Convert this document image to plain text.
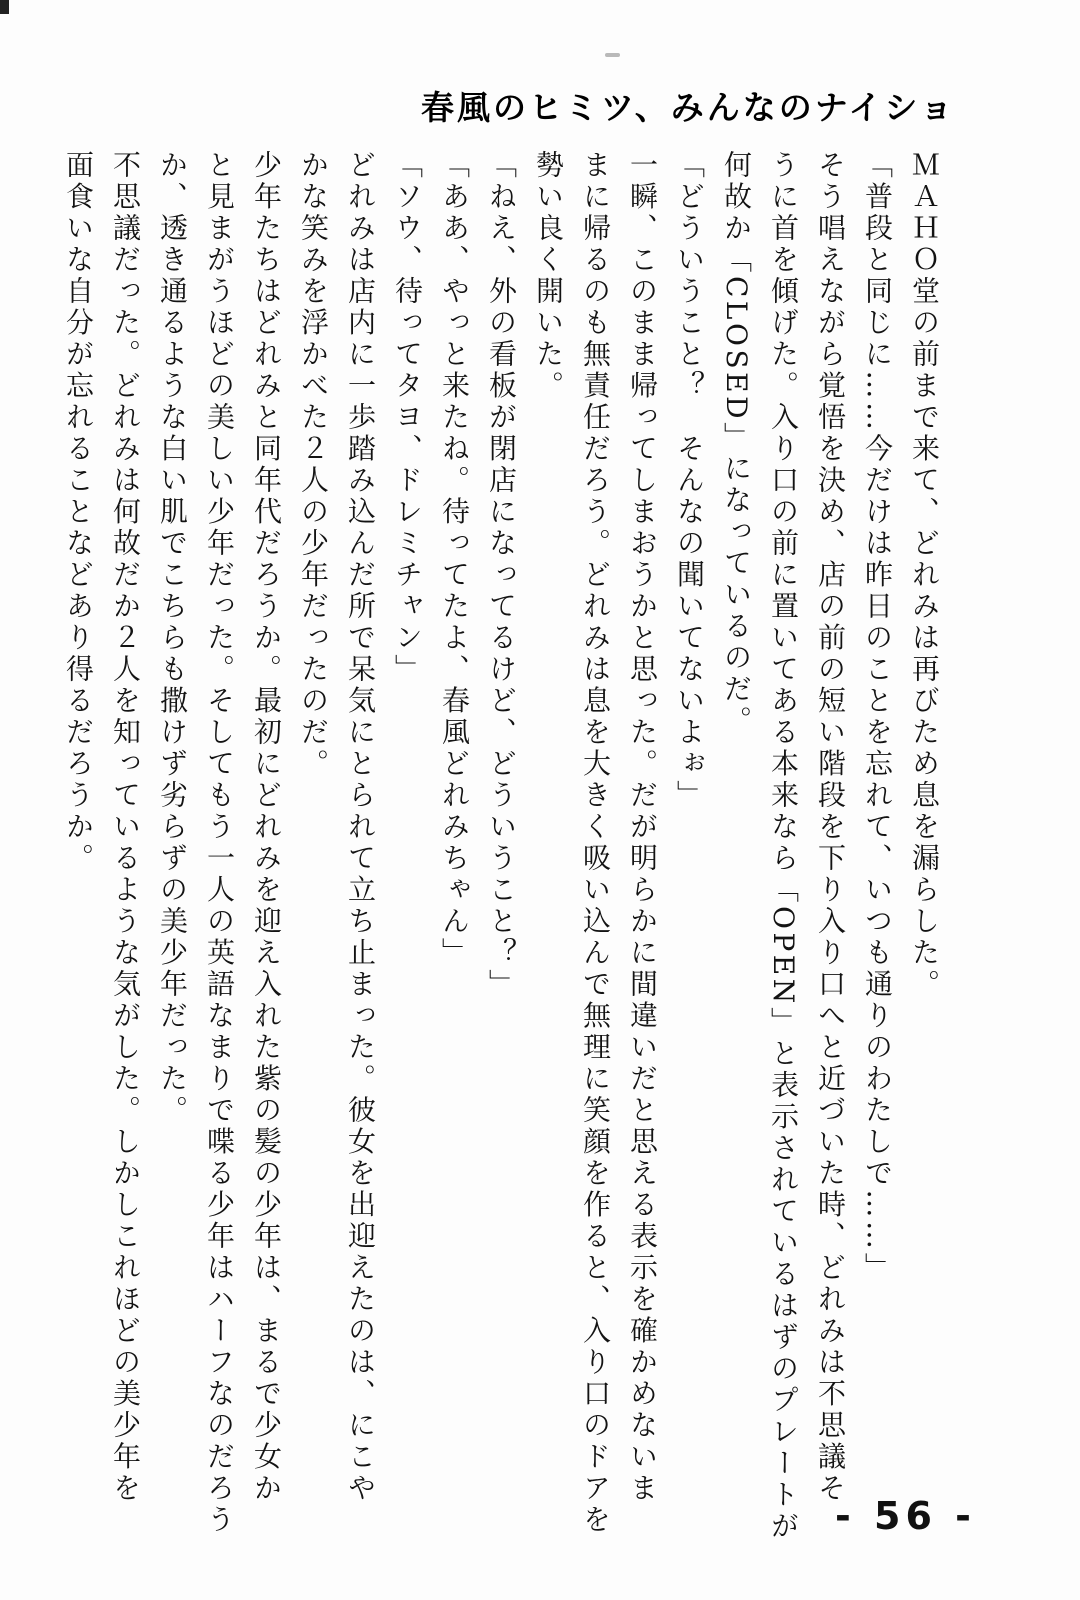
春風のヒミツ、みんなのナイショ
ＭＡＨＯ堂の前まで来て、どれみは再びため息を漏らした。
「普段と同じに……今だけは昨日のことを忘れて、いつも通りのわたしで……」
そう唱えながら覚悟を決め、店の前の短い階段を下り入り口へと近づいた時、どれみは不思議そ
うに首を傾げた。入り口の前に置いてある本来なら「OPEN」と表示されているはずのプレートが
何故か「CLOSED」になっているのだ。
「どういうこと？　そんなの聞いてないよぉ」
一瞬、このまま帰ってしまおうかと思った。だが明らかに間違いだと思える表示を確かめないま
まに帰るのも無責任だろう。どれみは息を大きく吸い込んで無理に笑顔を作ると、入り口のドアを
勢い良く開いた。
「ねえ、外の看板が閉店になってるけど、どういうこと？」
「ああ、やっと来たね。待ってたよ、春風どれみちゃん」
「ソウ、待ってタヨ、ドレミチャン」
どれみは店内に一歩踏み込んだ所で呆気にとられて立ち止まった。彼女を出迎えたのは、にこや
かな笑みを浮かべた２人の少年だったのだ。
少年たちはどれみと同年代だろうか。最初にどれみを迎え入れた紫の髪の少年は、まるで少女か
と見まがうほどの美しい少年だった。そしてもう一人の英語なまりで喋る少年はハーフなのだろう
か、透き通るような白い肌でこちらも撒けず劣らずの美少年だった。
不思議だった。どれみは何故だか２人を知っているような気がした。しかしこれほどの美少年を
面食いな自分が忘れることなどあり得るだろうか。
- 56 -
